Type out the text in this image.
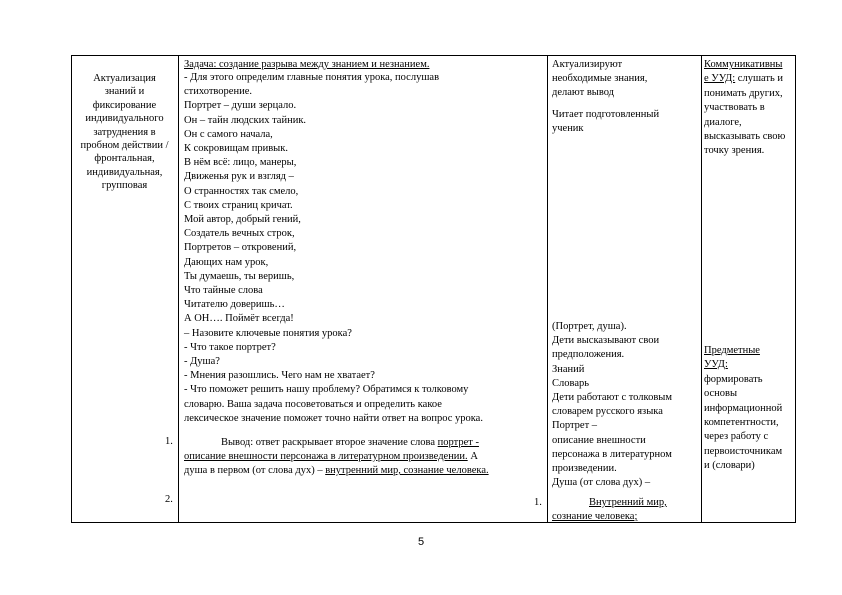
Актуализация
знаний и
фиксирование
индивидуального
затруднения в
пробном действии /
фронтальная,
индивидуальная,
групповая
1.
2.
Задача: создание разрыва между знанием и незнанием.
- Для этого определим главные понятия урока, послушав
стихотворение.
Портрет – души зерцало.
Он – тайн людских тайник.
Он с самого начала,
К сокровищам привык.
В нём всё: лицо, манеры,
Движенья рук и взгляд –
О странностях так смело,
С твоих страниц кричат.
Мой автор, добрый гений,
Создатель вечных строк,
Портретов – откровений,
Дающих нам урок,
Ты думаешь, ты веришь,
Что тайные слова
Читателю доверишь…
А ОН…. Поймёт всегда!
– Назовите ключевые понятия урока?
- Что такое портрет?
- Душа?
- Мнения разошлись. Чего нам не хватает?
- Что поможет решить нашу проблему? Обратимся к толковому
словарю. Ваша задача посоветоваться и определить какое
лексическое значение поможет точно найти ответ на вопрос урока.
Вывод: ответ раскрывает второе значение слова портрет -
описание внешности персонажа в литературном произведении. А
душа в первом (от слова дух) – внутренний мир, сознание человека.
Актуализируют
необходимые знания,
делают вывод
Читает подготовленный
ученик
(Портрет, душа).
Дети высказывают свои
предположения.
Знаний
Словарь
Дети работают с толковым
словарем русского языка
Портрет –
описание внешности
персонажа в литературном
произведении.
Душа (от слова дух) –
1.	Внутренний мир,
сознание человека;
Коммуникативны
е УУД: слушать и
понимать других,
участвовать в
диалоге,
высказывать свою
точку зрения.
Предметные
УУД:
формировать
основы
информационной
компетентности,
через работу с
первоисточникам
и (словари)
5
